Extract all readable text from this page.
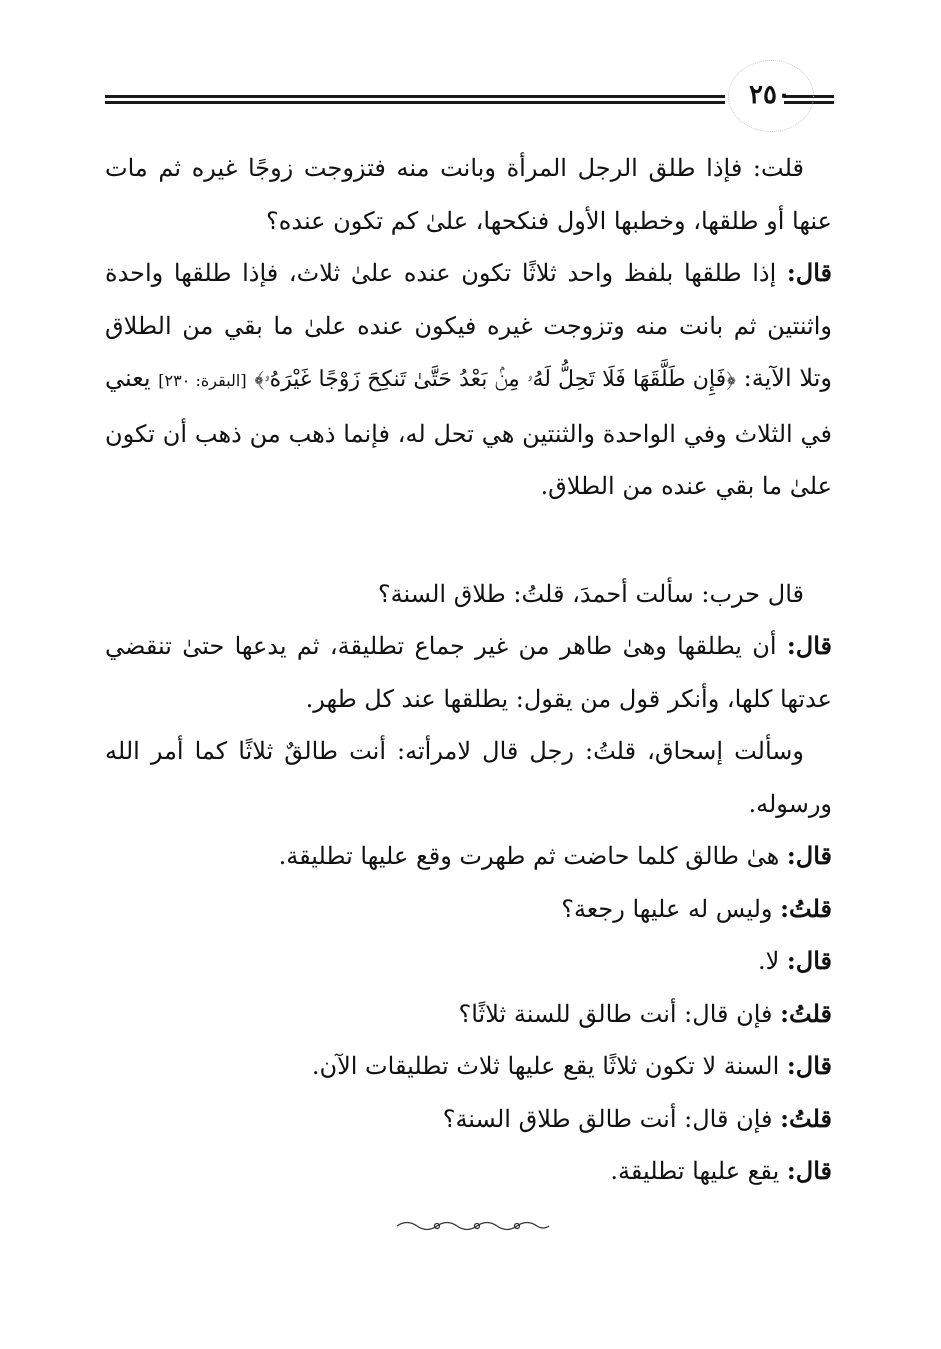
٢٥٠

قلت: فإذا طلق الرجل المرأة وبانت منه فتزوجت زوجًا غيره ثم مات عنها أو طلقها، وخطبها الأول فنكحها، علىٰ كم تكون عنده؟

قال: إذا طلقها بلفظ واحد ثلاثًا تكون عنده علىٰ ثلاث، فإذا طلقها واحدة واثنتين ثم بانت منه وتزوجت غيره فيكون عنده علىٰ ما بقي من الطلاق وتلا الآية: ﴿فَإِن طَلَّقَهَا فَلَا تَحِلُّ لَهُۥ مِنۢ بَعْدُ حَتَّىٰ تَنكِحَ زَوْجًا غَيْرَهُۥ﴾ [البقرة: ٢٣٠] يعني في الثلاث وفي الواحدة والثنتين هي تحل له، فإنما ذهب من ذهب أن تكون علىٰ ما بقي عنده من الطلاق.

قال حرب: سألت أحمدَ، قلتُ: طلاق السنة؟

قال: أن يطلقها وهىٰ طاهر من غير جماع تطليقة، ثم يدعها حتىٰ تنقضي عدتها كلها، وأنكر قول من يقول: يطلقها عند كل طهر.

وسألت إسحاق، قلتُ: رجل قال لامرأته: أنت طالقٌ ثلاثًا كما أمر الله ورسوله.

قال: هىٰ طالق كلما حاضت ثم طهرت وقع عليها تطليقة.

قلتُ: وليس له عليها رجعة؟

قال: لا.

قلتُ: فإن قال: أنت طالق للسنة ثلاثًا؟

قال: السنة لا تكون ثلاثًا يقع عليها ثلاث تطليقات الآن.

قلتُ: فإن قال: أنت طالق طلاق السنة؟

قال: يقع عليها تطليقة.
